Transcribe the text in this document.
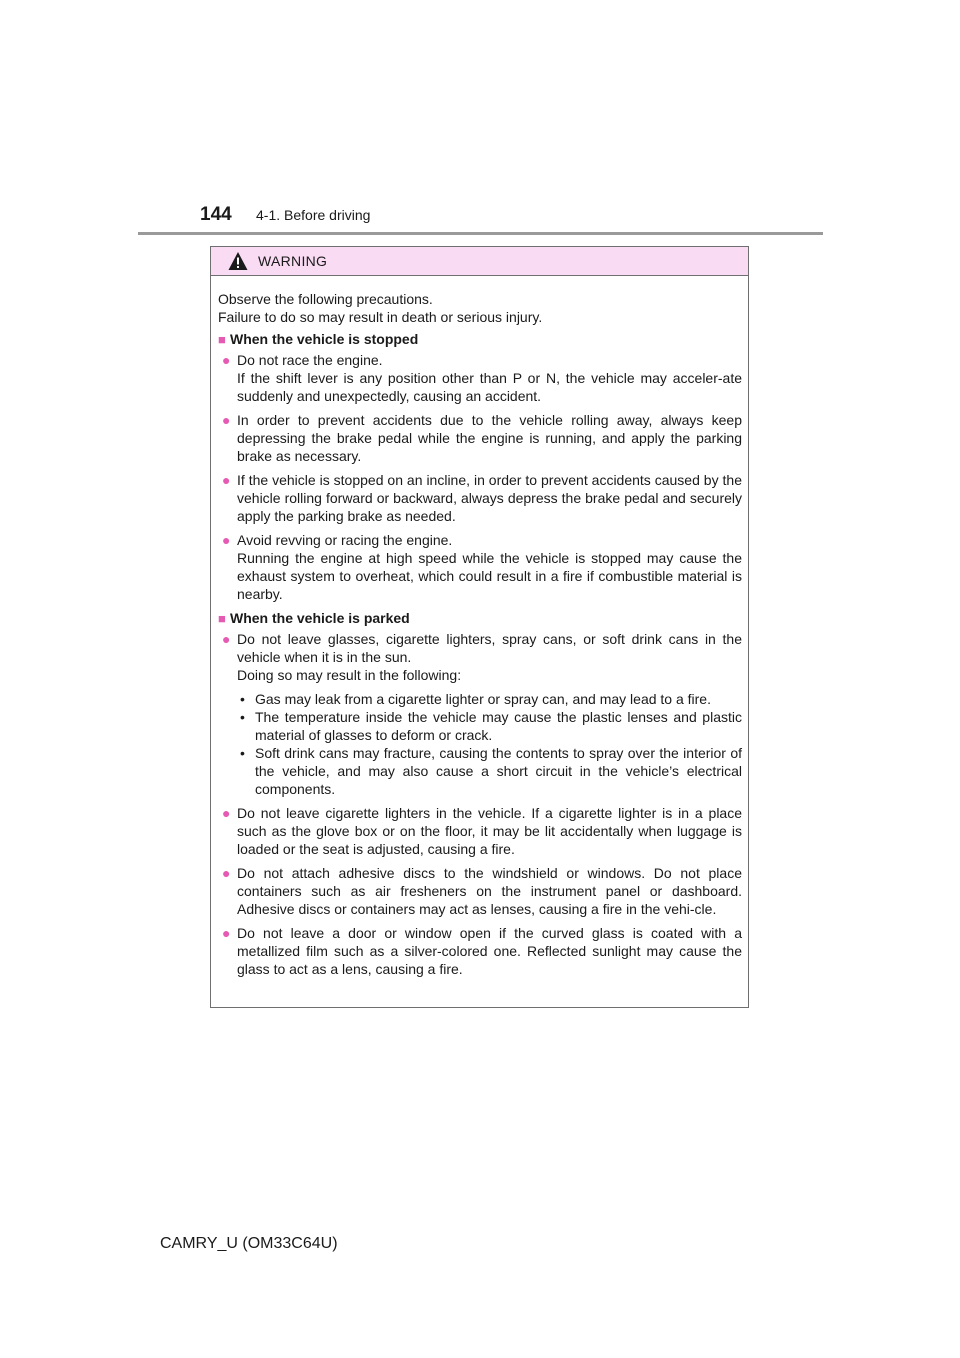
144	4-1. Before driving
WARNING

Observe the following precautions.

Failure to do so may result in death or serious injury.

■ When the vehicle is stopped
● Do not race the engine.

If the shift lever is any position other than P or N, the vehicle may acceler-ate suddenly and unexpectedly, causing an accident.

● In order to prevent accidents due to the vehicle rolling away, always keep depressing the brake pedal while the engine is running, and apply the parking brake as necessary.

● If the vehicle is stopped on an incline, in order to prevent accidents caused by the vehicle rolling forward or backward, always depress the brake pedal and securely apply the parking brake as needed.

● Avoid revving or racing the engine.

Running the engine at high speed while the vehicle is stopped may cause the exhaust system to overheat, which could result in a fire if combustible material is nearby.

■ When the vehicle is parked
● Do not leave glasses, cigarette lighters, spray cans, or soft drink cans in the vehicle when it is in the sun.

Doing so may result in the following:

• Gas may leak from a cigarette lighter or spray can, and may lead to a fire.
• The temperature inside the vehicle may cause the plastic lenses and plastic material of glasses to deform or crack.
• Soft drink cans may fracture, causing the contents to spray over the interior of the vehicle, and may also cause a short circuit in the vehicle’s electrical components.
● Do not leave cigarette lighters in the vehicle. If a cigarette lighter is in a place such as the glove box or on the floor, it may be lit accidentally when luggage is loaded or the seat is adjusted, causing a fire.

● Do not attach adhesive discs to the windshield or windows. Do not place containers such as air fresheners on the instrument panel or dashboard. Adhesive discs or containers may act as lenses, causing a fire in the vehi-cle.

● Do not leave a door or window open if the curved glass is coated with a metallized film such as a silver-colored one. Reflected sunlight may cause the glass to act as a lens, causing a fire.

CAMRY_U (OM33C64U)
